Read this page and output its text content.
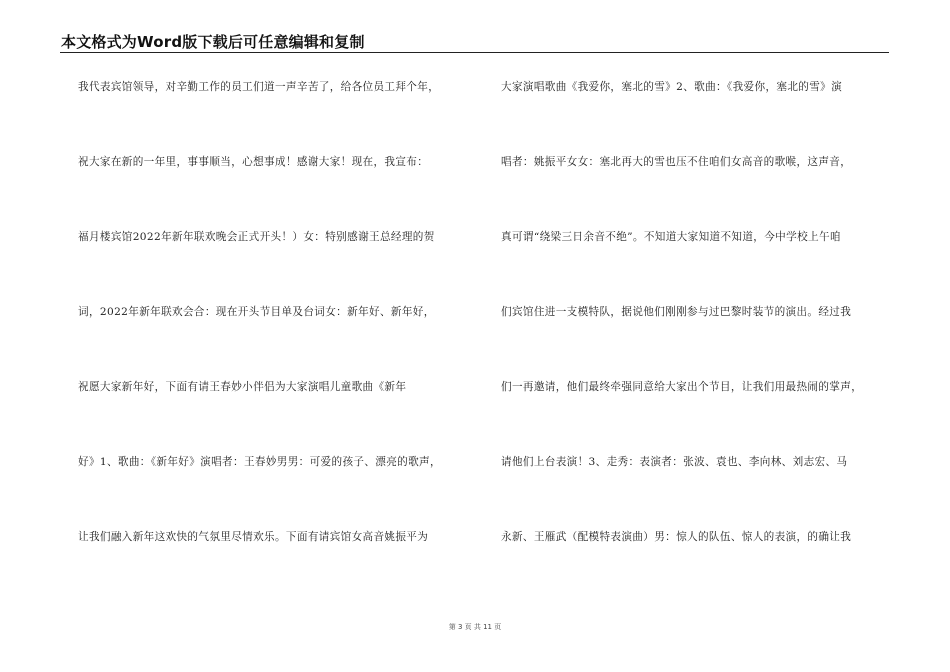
本文格式为Word版下载后可任意编辑和复制
我代表宾馆领导，对辛勤工作的员工们道一声辛苦了，给各位员工拜个年，
祝大家在新的一年里，事事顺当，心想事成！感谢大家！现在，我宣布：
福月楼宾馆2022年新年联欢晚会正式开头！）女：特别感谢王总经理的贺
词，2022年新年联欢会合：现在开头节目单及台词女：新年好、新年好，
祝愿大家新年好，下面有请王春妙小伴侣为大家演唱儿童歌曲《新年
好》1、歌曲：《新年好》演唱者：王春妙男男：可爱的孩子、漂亮的歌声，
让我们融入新年这欢快的气氛里尽情欢乐。下面有请宾馆女高音姚振平为
大家演唱歌曲《我爱你，塞北的雪》2、歌曲：《我爱你，塞北的雪》演
唱者：姚振平女女：塞北再大的雪也压不住咱们女高音的歌喉，这声音，
真可谓“绕梁三日余音不绝”。不知道大家知道不知道，今中学校上午咱
们宾馆住进一支模特队，据说他们刚刚参与过巴黎时装节的演出。经过我
们一再邀请，他们最终牵强同意给大家出个节目，让我们用最热闹的掌声，
请他们上台表演！3、走秀：表演者：张波、袁也、李向林、刘志宏、马
永新、王雁武（配模特表演曲）男：惊人的队伍、惊人的表演，的确让我
第 3 页 共 11 页
